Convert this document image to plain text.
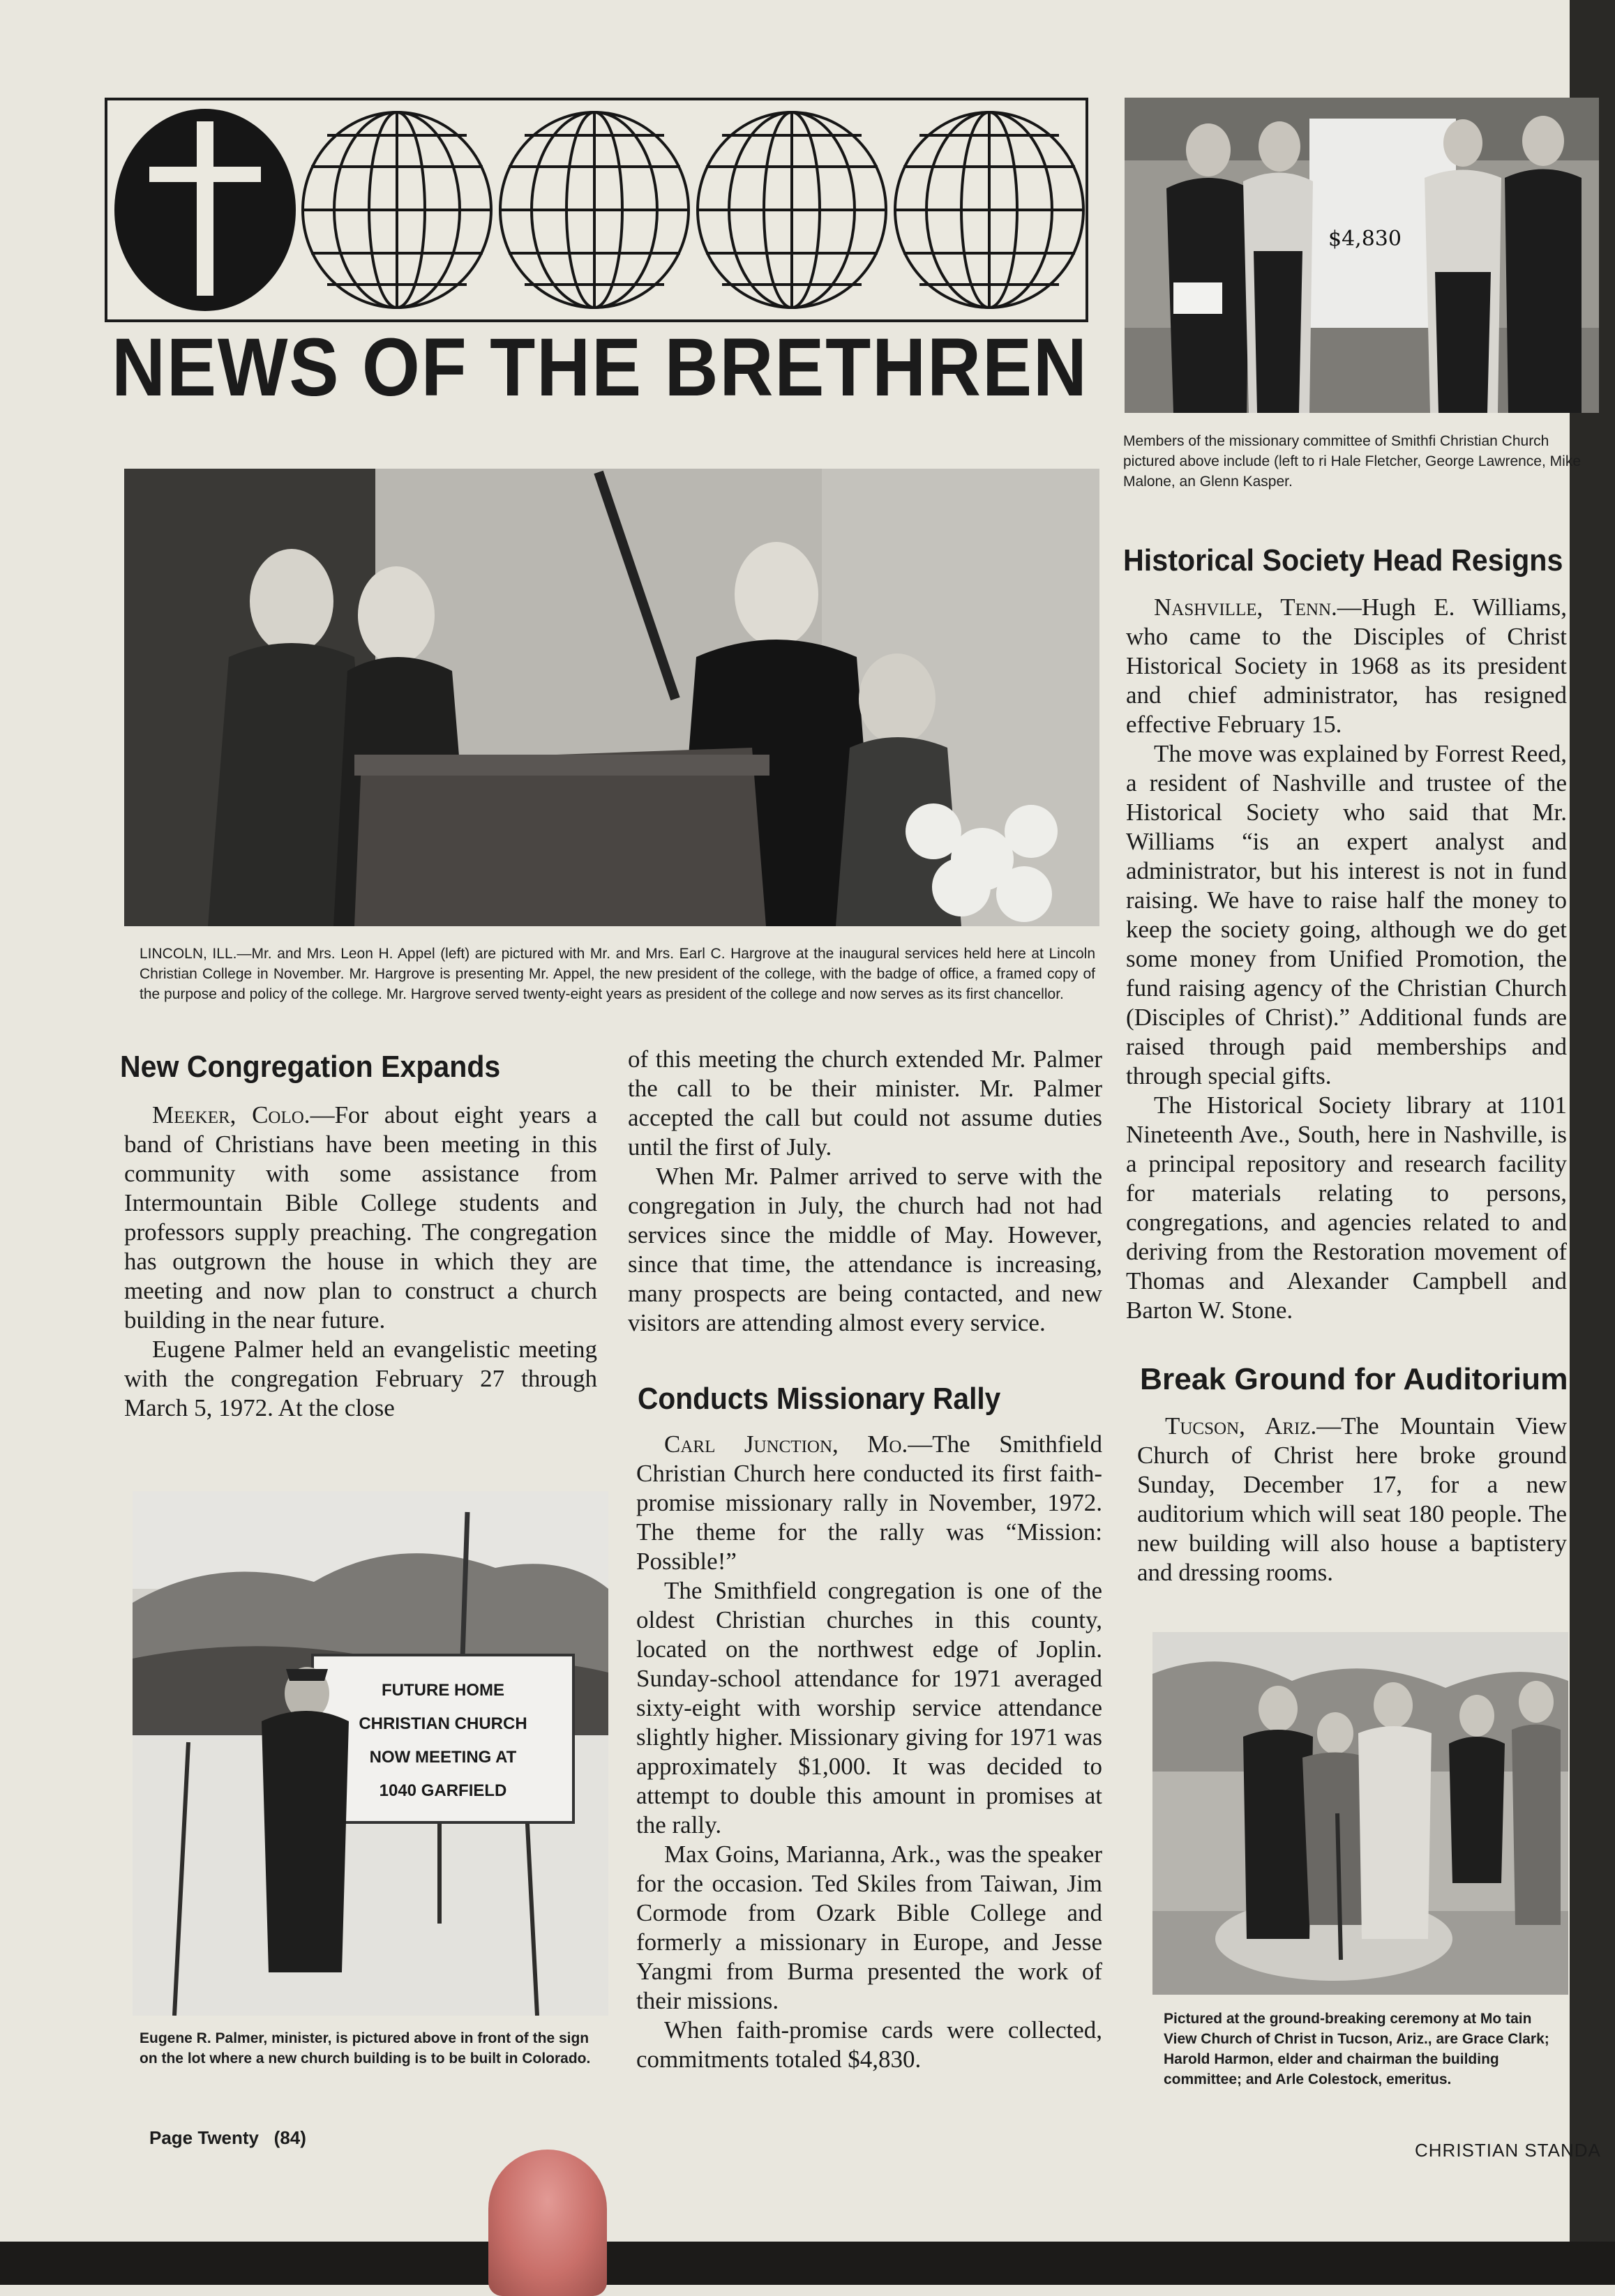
NEWS OF THE BRETHREN
$4,830
Members of the missionary committee of Smithfi Christian Church pictured above include (left to ri Hale Fletcher, George Lawrence, Mike Malone, an Glenn Kasper.
LINCOLN, ILL.—Mr. and Mrs. Leon H. Appel (left) are pictured with Mr. and Mrs. Earl C. Hargrove at the inaugural services held here at Lincoln Christian College in November. Mr. Hargrove is presenting Mr. Appel, the new president of the college, with the badge of office, a framed copy of the purpose and policy of the college. Mr. Hargrove served twenty-eight years as president of the college and now serves as its first chancellor.
New Congregation Expands

Meeker, Colo.—For about eight years a band of Christians have been meeting in this community with some assistance from Intermountain Bible College students and professors supply preaching. The congregation has outgrown the house in which they are meeting and now plan to construct a church building in the near future.

Eugene Palmer held an evangelistic meeting with the congregation February 27 through March 5, 1972. At the close

FUTURE HOME
CHRISTIAN CHURCH
NOW MEETING AT
1040 GARFIELD
Eugene R. Palmer, minister, is pictured above in front of the sign on the lot where a new church building is to be built in Colorado.

of this meeting the church extended Mr. Palmer the call to be their minister. Mr. Palmer accepted the call but could not assume duties until the first of July.

When Mr. Palmer arrived to serve with the congregation in July, the church had not had services since the middle of May. However, since that time, the attendance is increasing, many prospects are being contacted, and new visitors are attending almost every service.

Conducts Missionary Rally

Carl Junction, Mo.—The Smithfield Christian Church here conducted its first faith-promise missionary rally in November, 1972. The theme for the rally was “Mission: Possible!”

The Smithfield congregation is one of the oldest Christian churches in this county, located on the northwest edge of Joplin. Sunday-school attendance for 1971 averaged sixty-eight with worship service attendance slightly higher. Missionary giving for 1971 was approximately $1,000. It was decided to attempt to double this amount in promises at the rally.

Max Goins, Marianna, Ark., was the speaker for the occasion. Ted Skiles from Taiwan, Jim Cormode from Ozark Bible College and formerly a missionary in Europe, and Jesse Yangmi from Burma presented the work of their missions.

When faith-promise cards were collected, commitments totaled $4,830.

Historical Society Head Resigns

Nashville, Tenn.—Hugh E. Williams, who came to the Disciples of Christ Historical Society in 1968 as its president and chief administrator, has resigned effective February 15.

The move was explained by Forrest Reed, a resident of Nashville and trustee of the Historical Society who said that Mr. Williams “is an expert analyst and administrator, but his interest is not in fund raising. We have to raise half the money to keep the society going, although we do get some money from Unified Promotion, the fund raising agency of the Christian Church (Disciples of Christ).” Additional funds are raised through paid memberships and through special gifts.

The Historical Society library at 1101 Nineteenth Ave., South, here in Nashville, is a principal repository and research facility for materials relating to persons, congregations, and agencies related to and deriving from the Restoration movement of Thomas and Alexander Campbell and Barton W. Stone.

Break Ground for Auditorium

Tucson, Ariz.—The Mountain View Church of Christ here broke ground Sunday, December 17, for a new auditorium which will seat 180 people. The new building will also house a baptistery and dressing rooms.

Pictured at the ground-breaking ceremony at Mo tain View Church of Christ in Tucson, Ariz., are Grace Clark; Harold Harmon, elder and chairman the building committee; and Arle Colestock, emeritus.
Page Twenty   (84)
CHRISTIAN STANDA
